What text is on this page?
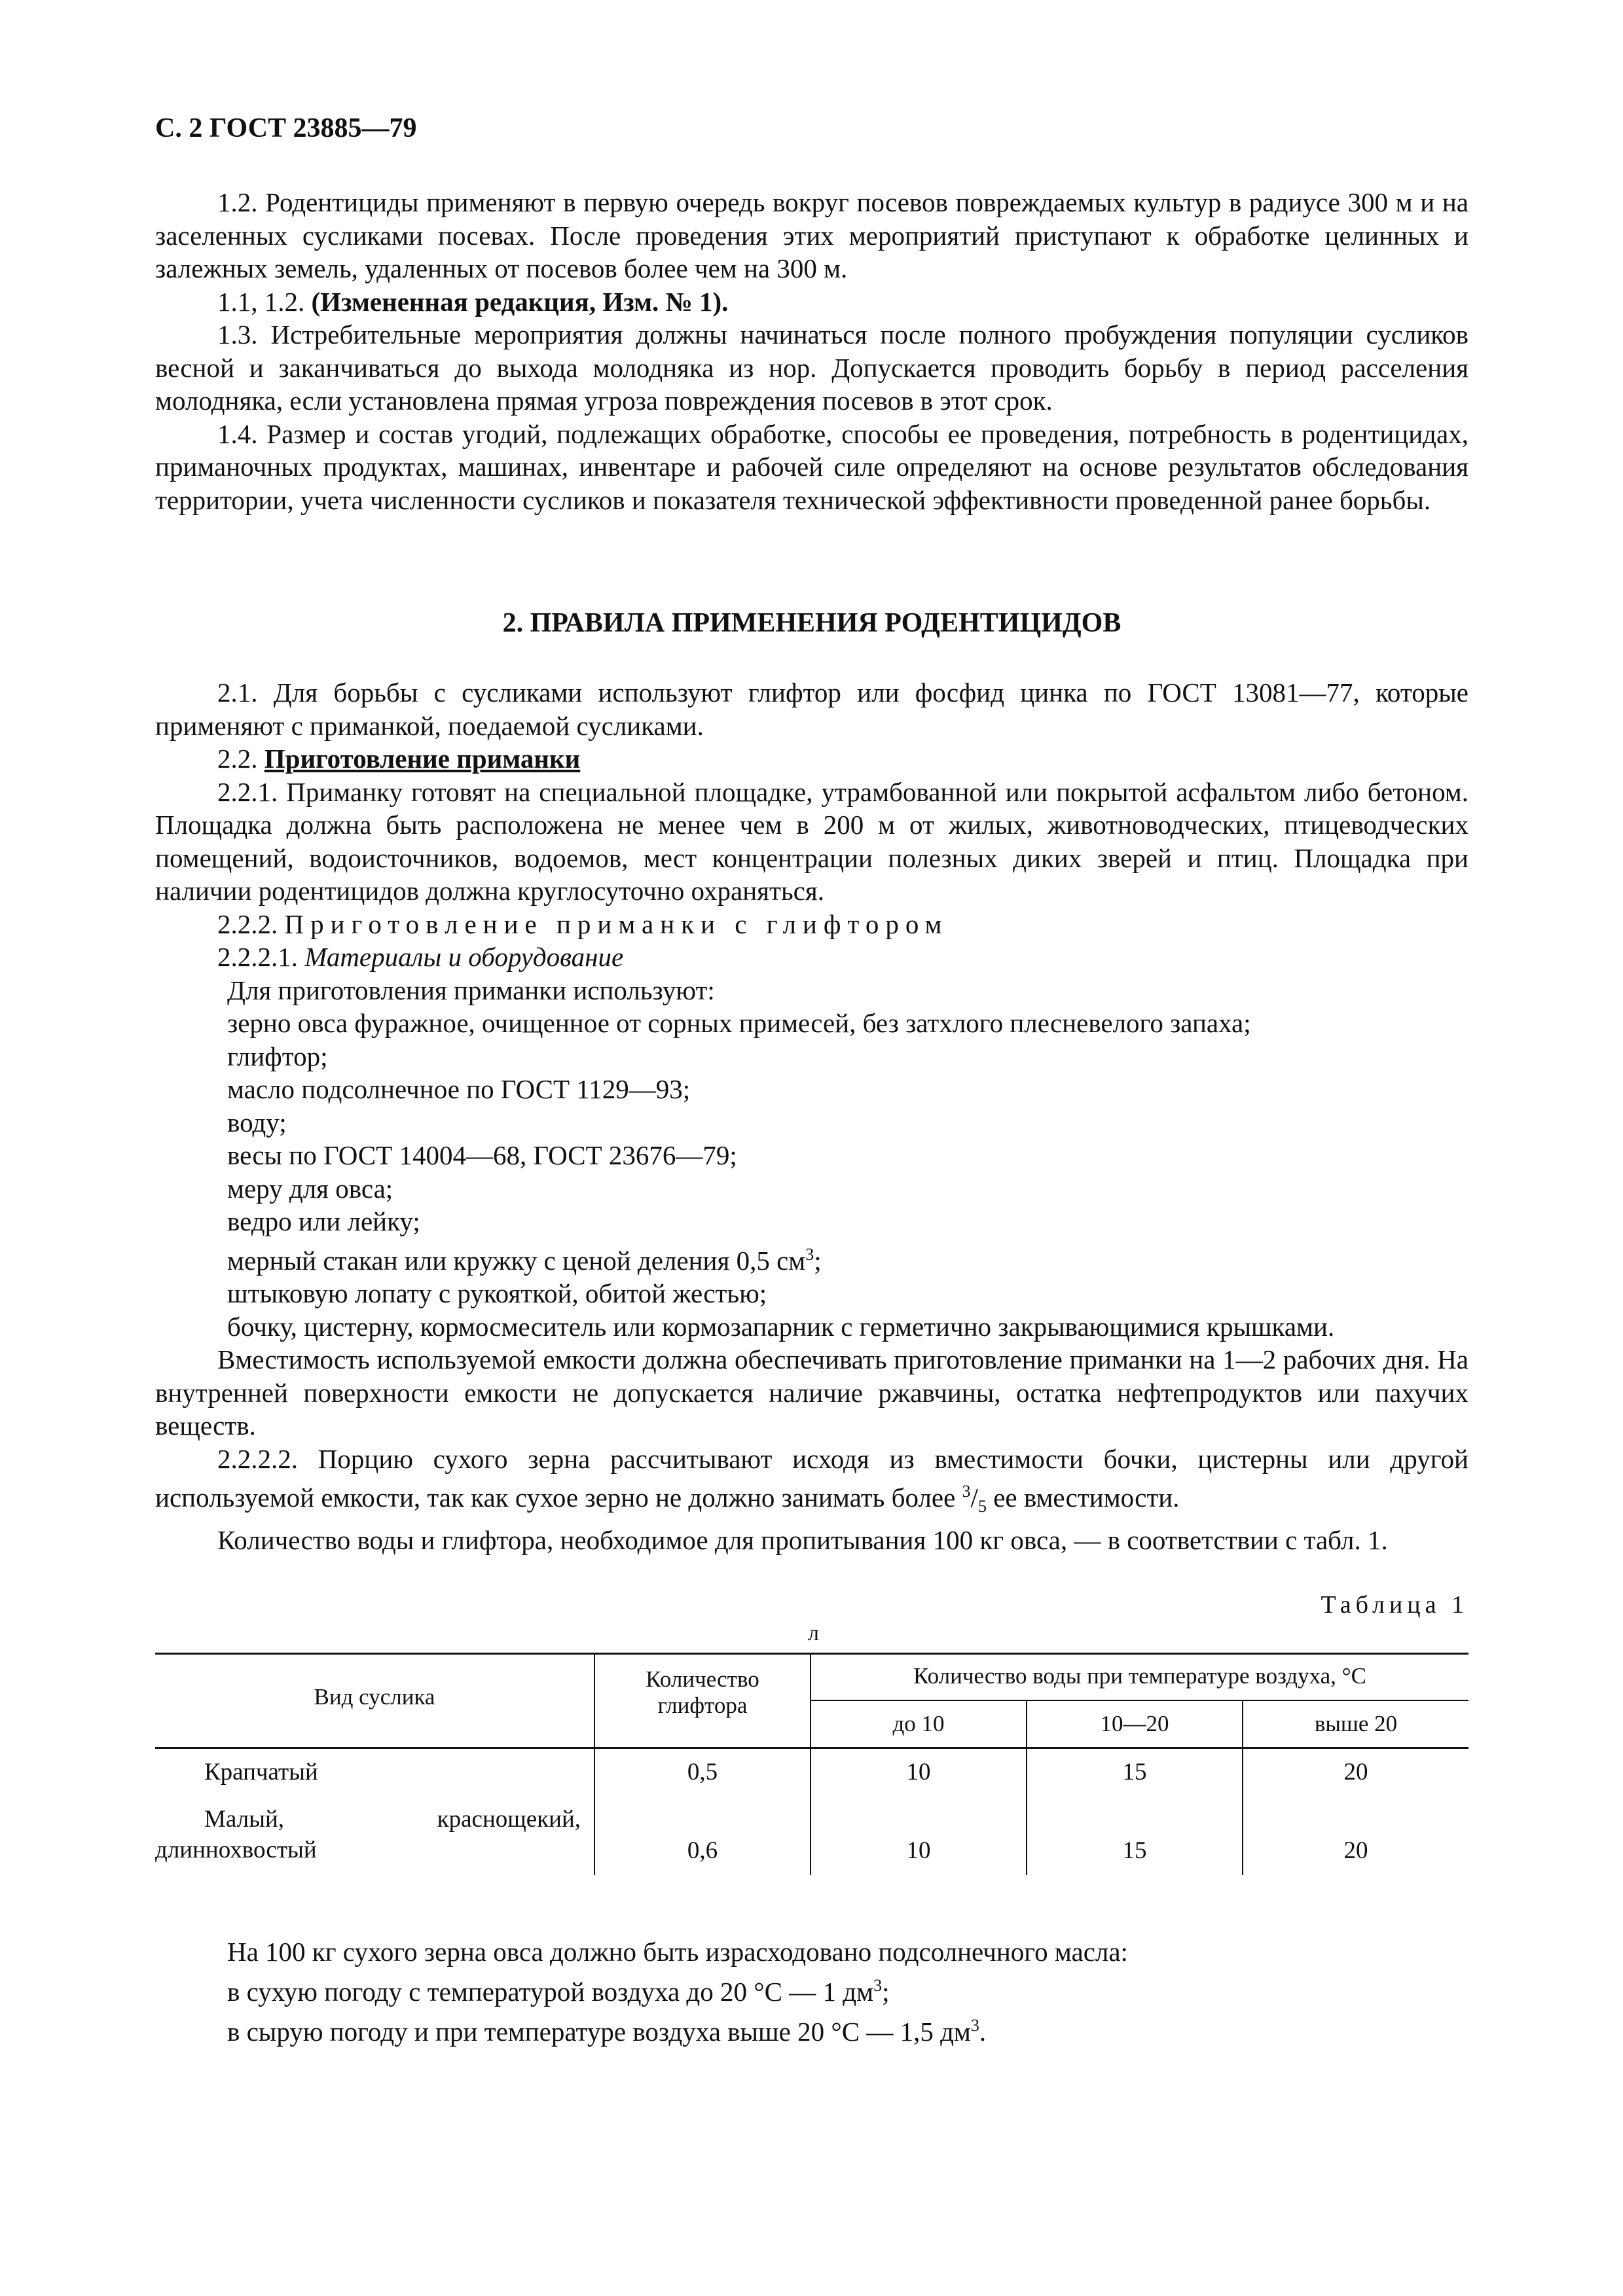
С. 2 ГОСТ 23885—79

1.2. Родентициды применяют в первую очередь вокруг посевов повреждаемых культур в радиусе 300 м и на заселенных сусликами посевах. После проведения этих мероприятий приступают к обработке целинных и залежных земель, удаленных от посевов более чем на 300 м.

1.1, 1.2. (Измененная редакция, Изм. № 1).

1.3. Истребительные мероприятия должны начинаться после полного пробуждения популяции сусликов весной и заканчиваться до выхода молодняка из нор. Допускается проводить борьбу в период расселения молодняка, если установлена прямая угроза повреждения посевов в этот срок.

1.4. Размер и состав угодий, подлежащих обработке, способы ее проведения, потребность в родентицидах, приманочных продуктах, машинах, инвентаре и рабочей силе определяют на основе результатов обследования территории, учета численности сусликов и показателя технической эффективности проведенной ранее борьбы.

2. ПРАВИЛА ПРИМЕНЕНИЯ РОДЕНТИЦИДОВ

2.1. Для борьбы с сусликами используют глифтор или фосфид цинка по ГОСТ 13081—77, которые применяют с приманкой, поедаемой сусликами.

2.2. Приготовление приманки

2.2.1. Приманку готовят на специальной площадке, утрамбованной или покрытой асфальтом либо бетоном. Площадка должна быть расположена не менее чем в 200 м от жилых, животноводческих, птицеводческих помещений, водоисточников, водоемов, мест концентрации полезных диких зверей и птиц. Площадка при наличии родентицидов должна круглосуточно охраняться.

2.2.2. Приготовление приманки с глифтором

2.2.2.1. Материалы и оборудование

Для приготовления приманки используют:

зерно овса фуражное, очищенное от сорных примесей, без затхлого плесневелого запаха;

глифтор;

масло подсолнечное по ГОСТ 1129—93;

воду;

весы по ГОСТ 14004—68, ГОСТ 23676—79;

меру для овса;

ведро или лейку;

мерный стакан или кружку с ценой деления 0,5 $см^3$;

штыковую лопату с рукояткой, обитой жестью;

бочку, цистерну, кормосмеситель или кормозапарник с герметично закрывающимися крышками.

Вместимость используемой емкости должна обеспечивать приготовление приманки на 1—2 рабочих дня. На внутренней поверхности емкости не допускается наличие ржавчины, остатка нефтепродуктов или пахучих веществ.

2.2.2.2. Порцию сухого зерна рассчитывают исходя из вместимости бочки, цистерны или другой используемой емкости, так как сухое зерно не должно занимать более $^3/_5$ ее вместимости.

Количество воды и глифтора, необходимое для пропитывания 100 кг овса, — в соответствии с табл. 1.

Таблица 1
л
Вид суслика
Количество глифтора
Количество воды при температуре воздуха, °С
до 10	10—20	выше 20
Крапчатый	0,5	10	15	20
Малый, краснощекий, длиннохвостый	0,6	10	15	20
На 100 кг сухого зерна овса должно быть израсходовано подсолнечного масла:
в сухую погоду с температурой воздуха до 20 °С — 1 $дм^3$;
в сырую погоду и при температуре воздуха выше 20 °С — 1,5 $дм^3$.
